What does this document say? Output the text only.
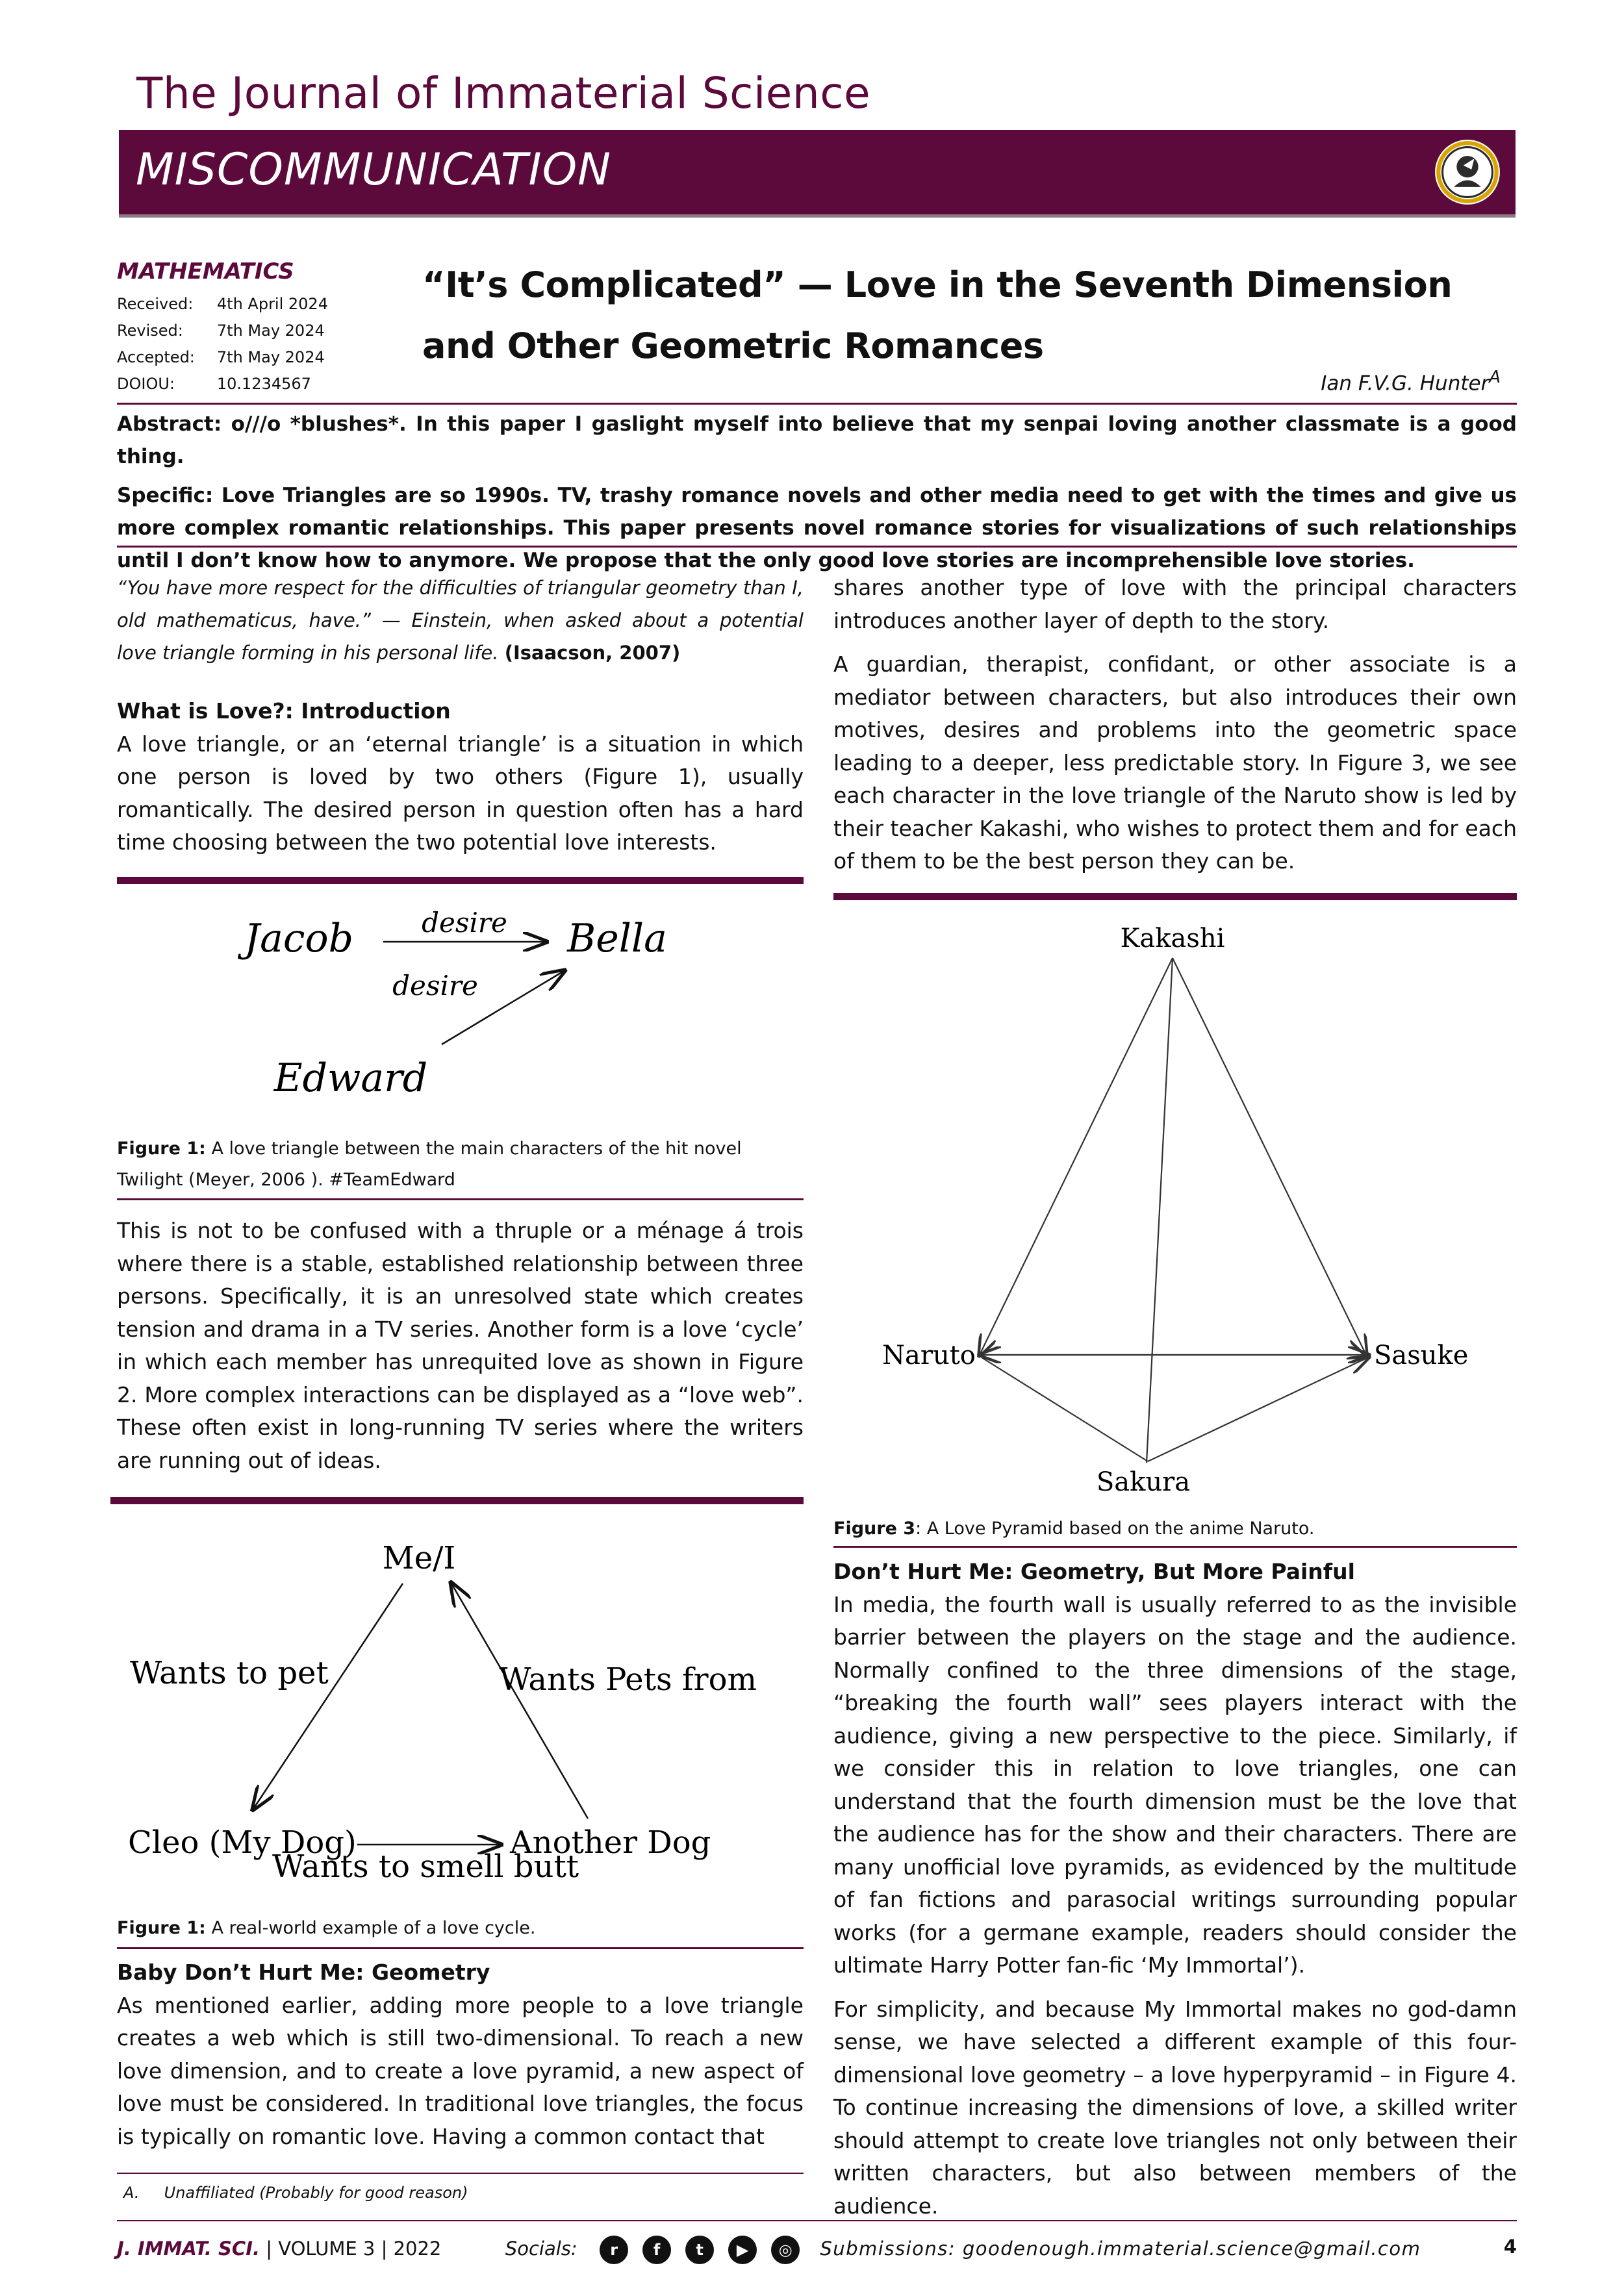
The Journal of Immaterial Science
MISCOMMUNICATION
MATHEMATICS
Received:	4th April 2024
Revised:	7th May 2024
Accepted:	7th May 2024
DOIOU:	10.1234567
“It’s Complicated” — Love in the Seventh Dimension and Other Geometric Romances
Ian F.V.G. Hunter$^A$

Abstract: o///o *blushes*. In this paper I gaslight myself into believe that my senpai loving another classmate is a good thing.

Specific: Love Triangles are so 1990s. TV, trashy romance novels and other media need to get with the times and give us more complex romantic relationships. This paper presents novel romance stories for visualizations of such relationships until I don’t know how to anymore. We propose that the only good love stories are incomprehensible love stories.

“You have more respect for the difficulties of triangular geometry than I, old mathematicus, have.” — Einstein, when asked about a potential love triangle forming in his personal life. (Isaacson, 2007)
What is Love?: Introduction

A love triangle, or an ‘eternal triangle’ is a situation in which one person is loved by two others (Figure 1), usually romantically. The desired person in question often has a hard time choosing between the two potential love interests.

Jacob	Bella
Edward
desire
desire
Figure 1: A love triangle between the main characters of the hit novel Twilight (Meyer, 2006 ). #TeamEdward

This is not to be confused with a thruple or a ménage á trois where there is a stable, established relationship between three persons. Specifically, it is an unresolved state which creates tension and drama in a TV series. Another form is a love ‘cycle’ in which each member has unrequited love as shown in Figure 2. More complex interactions can be displayed as a “love web”. These often exist in long-running TV series where the writers are running out of ideas.

Me/I
Cleo (My Dog)	Another Dog
Wants to pet	Wants Pets from
Wants to smell butt
Figure 1: A real-world example of a love cycle.
Baby Don’t Hurt Me: Geometry

As mentioned earlier, adding more people to a love triangle creates a web which is still two-dimensional. To reach a new love dimension, and to create a love pyramid, a new aspect of love must be considered. In traditional love triangles, the focus is typically on romantic love. Having a common contact that

A. Unaffiliated (Probably for good reason)

shares another type of love with the principal characters introduces another layer of depth to the story.

A guardian, therapist, confidant, or other associate is a mediator between characters, but also introduces their own motives, desires and problems into the geometric space leading to a deeper, less predictable story. In Figure 3, we see each character in the love triangle of the Naruto show is led by their teacher Kakashi, who wishes to protect them and for each of them to be the best person they can be.

Kakashi
Naruto	Sasuke
Sakura
Figure 3: A Love Pyramid based on the anime Naruto.
Don’t Hurt Me: Geometry, But More Painful

In media, the fourth wall is usually referred to as the invisible barrier between the players on the stage and the audience. Normally confined to the three dimensions of the stage, “breaking the fourth wall” sees players interact with the audience, giving a new perspective to the piece. Similarly, if we consider this in relation to love triangles, one can understand that the fourth dimension must be the love that the audience has for the show and their characters. There are many unofficial love pyramids, as evidenced by the multitude of fan fictions and parasocial writings surrounding popular works (for a germane example, readers should consider the ultimate Harry Potter fan-fic ‘My Immortal’).

For simplicity, and because My Immortal makes no god-damn sense, we have selected a different example of this four-dimensional love geometry – a love hyperpyramid – in Figure 4. To continue increasing the dimensions of love, a skilled writer should attempt to create love triangles not only between their written characters, but also between members of the audience.

J. IMMAT. SCI. | VOLUME 3 | 2022	Socials: r f t ▶ ◎ Submissions: goodenough.immaterial.science@gmail.com	4
